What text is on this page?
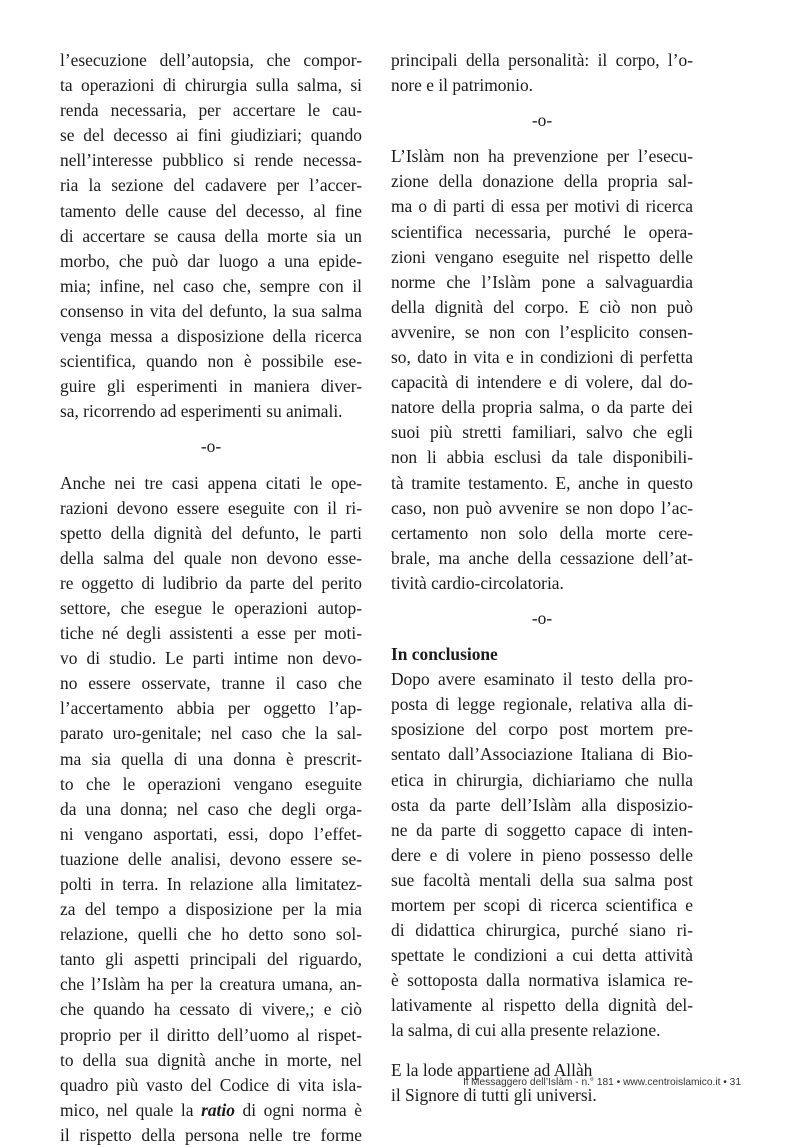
l’esecuzione dell’autopsia, che compor-
ta operazioni di chirurgia sulla salma, si
renda necessaria, per accertare le cau-
se del decesso ai fini giudiziari; quando
nell’interesse pubblico si rende necessa-
ria la sezione del cadavere per l’accer-
tamento delle cause del decesso, al fine
di accertare se causa della morte sia un
morbo, che può dar luogo a una epide-
mia; infine, nel caso che, sempre con il
consenso in vita del defunto, la sua salma
venga messa a disposizione della ricerca
scientifica, quando non è possibile ese-
guire gli esperimenti in maniera diver-
sa, ricorrendo ad esperimenti su animali.
-o-
Anche nei tre casi appena citati le ope-
razioni devono essere eseguite con il ri-
spetto della dignità del defunto, le parti
della salma del quale non devono esse-
re oggetto di ludibrio da parte del perito
settore, che esegue le operazioni autop-
tiche né degli assistenti a esse per moti-
vo di studio. Le parti intime non devo-
no essere osservate, tranne il caso che
l’accertamento abbia per oggetto l’ap-
parato uro-genitale; nel caso che la sal-
ma sia quella di una donna è prescrit-
to che le operazioni vengano eseguite
da una donna; nel caso che degli orga-
ni vengano asportati, essi, dopo l’effet-
tuazione delle analisi, devono essere se-
polti in terra. In relazione alla limitatez-
za del tempo a disposizione per la mia
relazione, quelli che ho detto sono sol-
tanto gli aspetti principali del riguardo,
che l’Islàm ha per la creatura umana, an-
che quando ha cessato di vivere,; e ciò
proprio per il diritto dell’uomo al rispet-
to della sua dignità anche in morte, nel
quadro più vasto del Codice di vita isla-
mico, nel quale la ratio di ogni norma è
il rispetto della persona nelle tre forme
principali della personalità: il corpo, l’o-
nore e il patrimonio.
-o-
L’Islàm non ha prevenzione per l’esecu-
zione della donazione della propria sal-
ma o di parti di essa per motivi di ricerca
scientifica necessaria, purché le opera-
zioni vengano eseguite nel rispetto delle
norme che l’Islàm pone a salvaguardia
della dignità del corpo. E ciò non può
avvenire, se non con l’esplicito consen-
so, dato in vita e in condizioni di perfetta
capacità di intendere e di volere, dal do-
natore della propria salma, o da parte dei
suoi più stretti familiari, salvo che egli
non li abbia esclusi da tale disponibili-
tà tramite testamento. E, anche in questo
caso, non può avvenire se non dopo l’ac-
certamento non solo della morte cere-
brale, ma anche della cessazione dell’at-
tività cardio-circolatoria.
-o-
In conclusione
Dopo avere esaminato il testo della pro-
posta di legge regionale, relativa alla di-
sposizione del corpo post mortem pre-
sentato dall’Associazione Italiana di Bio-
etica in chirurgia, dichiariamo che nulla
osta da parte dell’Islàm alla disposizio-
ne da parte di soggetto capace di inten-
dere e di volere in pieno possesso delle
sue facoltà mentali della sua salma post
mortem per scopi di ricerca scientifica e
di didattica chirurgica, purché siano ri-
spettate le condizioni a cui detta attività
è sottoposta dalla normativa islamica re-
lativamente al rispetto della dignità del-
la salma, di cui alla presente relazione.
E la lode appartiene ad Allàh
il Signore di tutti gli universi.
Il Messaggero dell’Islàm - n.° 181 • www.centroislamico.it • 31
